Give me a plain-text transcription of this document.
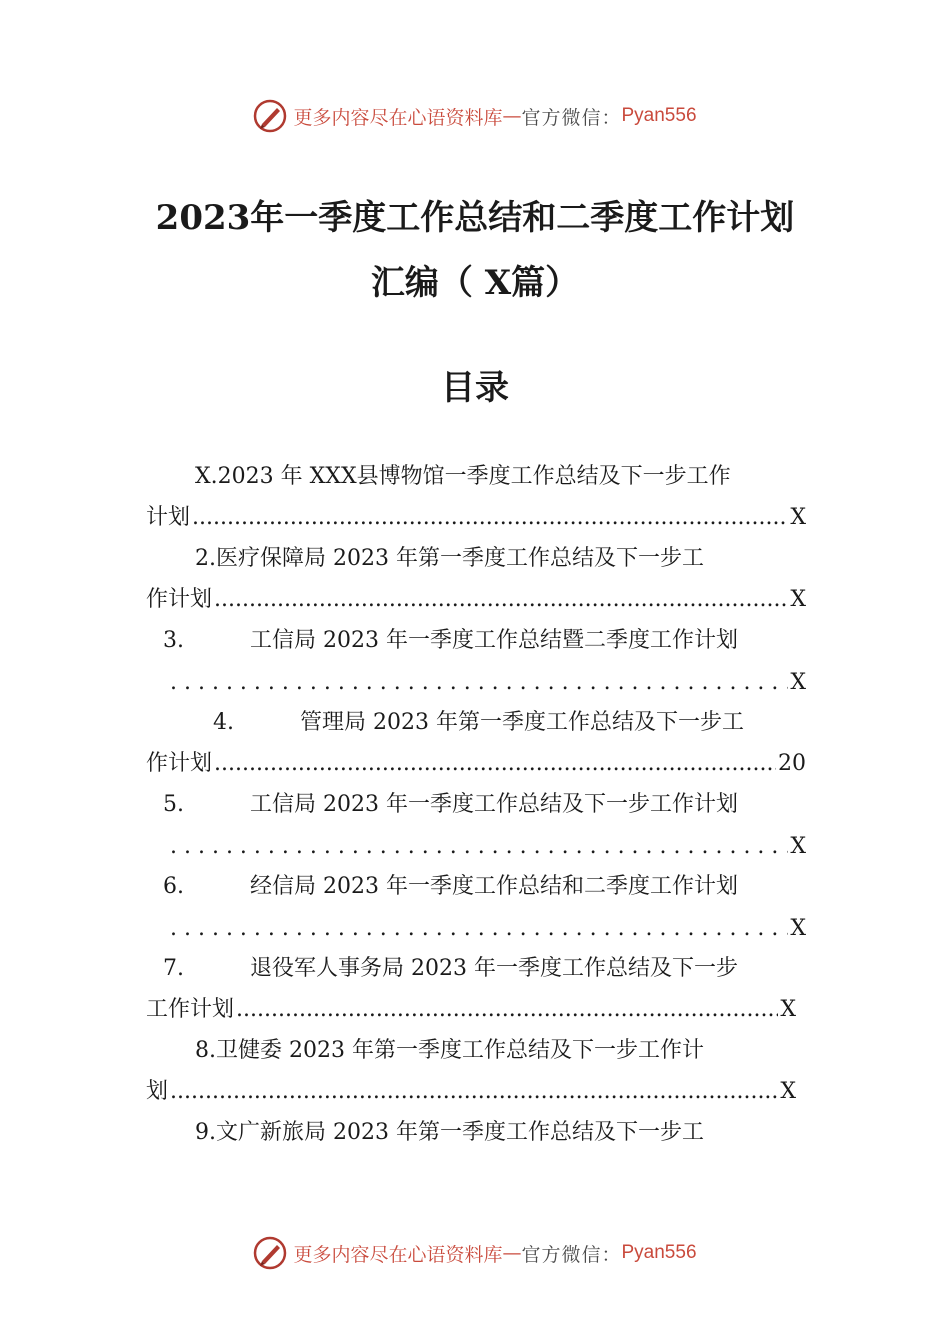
更多内容尽在心语资料库 — 官方微信： Pyan556
2023年一季度工作总结和二季度工作计划
汇编（ X篇）
目录
X.2023 年 XXX县博物馆一季度工作总结及下一步工作
计划 .....	X
2.医疗保障局 2023 年第一季度工作总结及下一步工
作计划 .....	X
3.	工信局 2023 年一季度工作总结暨二季度工作计划
. . .
X
4.	管理局 2023 年第一季度工作总结及下一步工
作计划 .....	20
5.	工信局 2023 年一季度工作总结及下一步工作计划
. . .
X
6.	经信局 2023 年一季度工作总结和二季度工作计划
. . .
X
7.	退役军人事务局 2023 年一季度工作总结及下一步
工作计划 .....	X
8.卫健委 2023 年第一季度工作总结及下一步工作计
划 .....	X
9.文广新旅局 2023 年第一季度工作总结及下一步工
更多内容尽在心语资料库 — 官方微信： Pyan556
